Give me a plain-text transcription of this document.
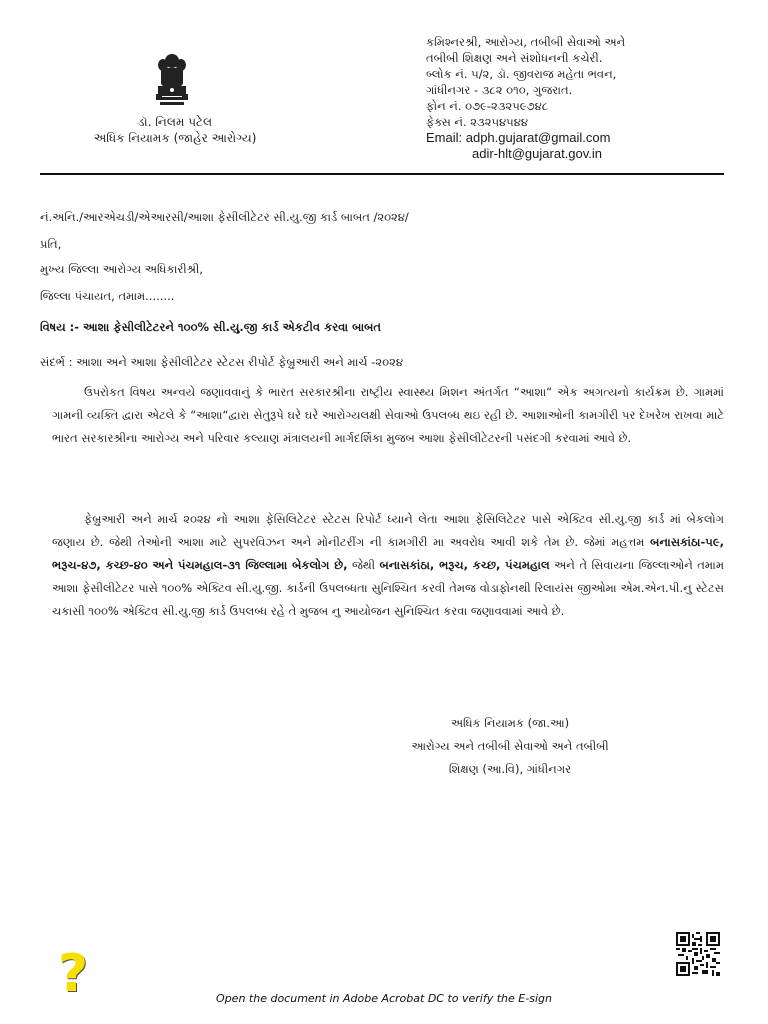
ડૉ. નિલમ પટેલ
અધિક નિયામક (જાહેર આરોગ્ય)
કમિશ્નરશ્રી, આરોગ્ય, તબીબી સેવાઓ અને
તબીબી શિક્ષણ અને સંશોધનની કચેરી.
બ્લોક નં. ૫/૨, ડૉ. જીવરાજ મહેતા ભવન,
ગાંધીનગર - ૩૮૨ ૦૧૦, ગુજરાત.
ફોન નં. ૦૭૯-૨૩૨૫૯૭૪૮
ફેક્સ નં. ૨૩૨૫૪૫૪૪
Email: adph.gujarat@gmail.com
adir-hlt@gujarat.gov.in
નં.અનિ./આરએચડી/એઆરસી/આશા ફેસીલીટેટર સી.યુ.જી કાર્ડ બાબત /૨૦૨૪/
પ્રતિ,
મુખ્ય જિલ્લા આરોગ્ય અધિકારીશ્રી,
જિલ્લા પંચાયત, તમામ........
વિષય :- આશા ફેસીલીટેટરને ૧૦૦% સી.યુ.જી કાર્ડ એકટીવ કરવા બાબત
સંદર્ભ : આશા અને આશા ફેસીલીટેટર સ્ટેટસ રીપોર્ટ ફેબ્રુઆરી અને માર્ચ -૨૦૨૪
ઉપરોકત વિષય અન્વયે જણાવવાનું કે ભારત સરકારશ્રીના રાષ્ટ્રીય સ્વાસ્થ્ય મિશન અંતર્ગત “આશા“ એક અગત્યનો કાર્યક્રમ છે. ગામમાં ગામની વ્યક્તિ દ્વારા એટલે કે “આશા“દ્વારા સેતુરૂપે ઘરે ઘરે આરોગ્યલક્ષી સેવાઓ ઉપલબ્ધ થઇ રહી છે. આશાઓની કામગીરી પર દેખરેખ રાખવા માટે ભારત સરકારશ્રીના આરોગ્ય અને પરિવાર કલ્યાણ મંત્રાલયની માર્ગદર્શિકા મુજબ આશા ફેસીલીટેટરની પસંદગી કરવામાં આવે છે.
ફેબ્રુઆરી અને માર્ચ ૨૦૨૪ નો આશા ફેસિલિટેટર સ્ટેટસ રિપોર્ટ ધ્યાને લેતા આશા ફેસિલિટેટર પાસે એક્ટિવ સી.યુ.જી કાર્ડ માં બેકલોગ જણાય છે. જેથી તેઓની આશા માટે સુપરવિઝન અને મોનીટરીંગ ની કામગીરી મા અવરોધ આવી શકે તેમ છે. જેમાં મહત્તમ બનાસકાંઠા-૫૯, ભરૂચ-૪૭, કચ્છ-૪૦ અને પંચમહાલ-૩૧ જિલ્લામા બેકલોગ છે, જેથી બનાસકાંઠા, ભરૂચ, કચ્છ, પંચમહાલ અને તે સિવાયના જિલ્લાઓને તમામ આશા ફેસીલીટેટર પાસે ૧૦૦% એક્ટિવ સી.યુ.જી. કાર્ડની ઉપલબ્ધતા સુનિશ્ચિત કરવી તેમજ વોડાફોનથી રિલાયંસ જીઓમા એમ.એન.પી.નુ સ્ટેટસ ચકાસી ૧૦૦% એક્ટિવ સી.યુ.જી કાર્ડ ઉપલબ્ધ રહે તે મુજબ નુ આયોજન સુનિશ્ચિત કરવા જણાવવામાં આવે છે.
અધિક નિયામક (જા.આ)
આરોગ્ય અને તબીબી સેવાઓ અને તબીબી
શિક્ષણ (આ.વિ), ગાંધીનગર
?	Open the document in Adobe Acrobat DC to verify the E-sign
